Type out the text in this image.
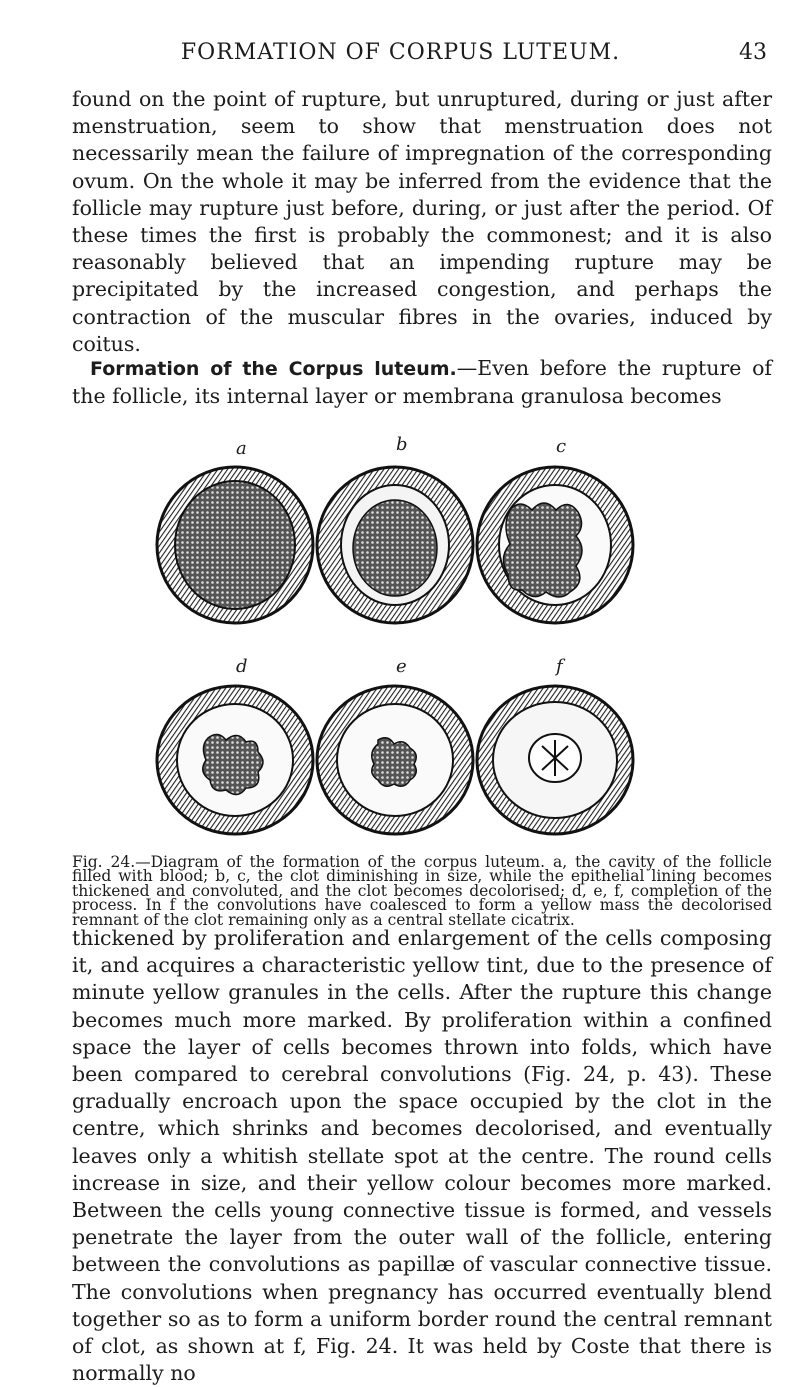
FORMATION OF CORPUS LUTEUM.	43

found on the point of rupture, but unruptured, during or just after menstruation, seem to show that menstruation does not necessarily mean the failure of impregnation of the corresponding ovum. On the whole it may be inferred from the evidence that the follicle may rupture just before, during, or just after the period. Of these times the first is probably the commonest; and it is also reasonably believed that an impending rupture may be precipitated by the increased congestion, and perhaps the contraction of the muscular fibres in the ovaries, induced by coitus.

Formation of the Corpus luteum.—Even before the rupture of the follicle, its internal layer or membrana granulosa becomes

a	b	c
d	e	f

Fig. 24.—Diagram of the formation of the corpus luteum. a, the cavity of the follicle filled with blood; b, c, the clot diminishing in size, while the epithelial lining becomes thickened and convoluted, and the clot becomes decolorised; d, e, f, completion of the process. In f the convolutions have coalesced to form a yellow mass the decolorised remnant of the clot remaining only as a central stellate cicatrix.

thickened by proliferation and enlargement of the cells composing it, and acquires a characteristic yellow tint, due to the presence of minute yellow granules in the cells. After the rupture this change becomes much more marked. By proliferation within a confined space the layer of cells becomes thrown into folds, which have been compared to cerebral convolutions (Fig. 24, p. 43). These gradually encroach upon the space occupied by the clot in the centre, which shrinks and becomes decolorised, and eventually leaves only a whitish stellate spot at the centre. The round cells increase in size, and their yellow colour becomes more marked. Between the cells young connective tissue is formed, and vessels penetrate the layer from the outer wall of the follicle, entering between the convolutions as papillæ of vascular connective tissue. The convolutions when pregnancy has occurred eventually blend together so as to form a uniform border round the central remnant of clot, as shown at f, Fig. 24. It was held by Coste that there is normally no
